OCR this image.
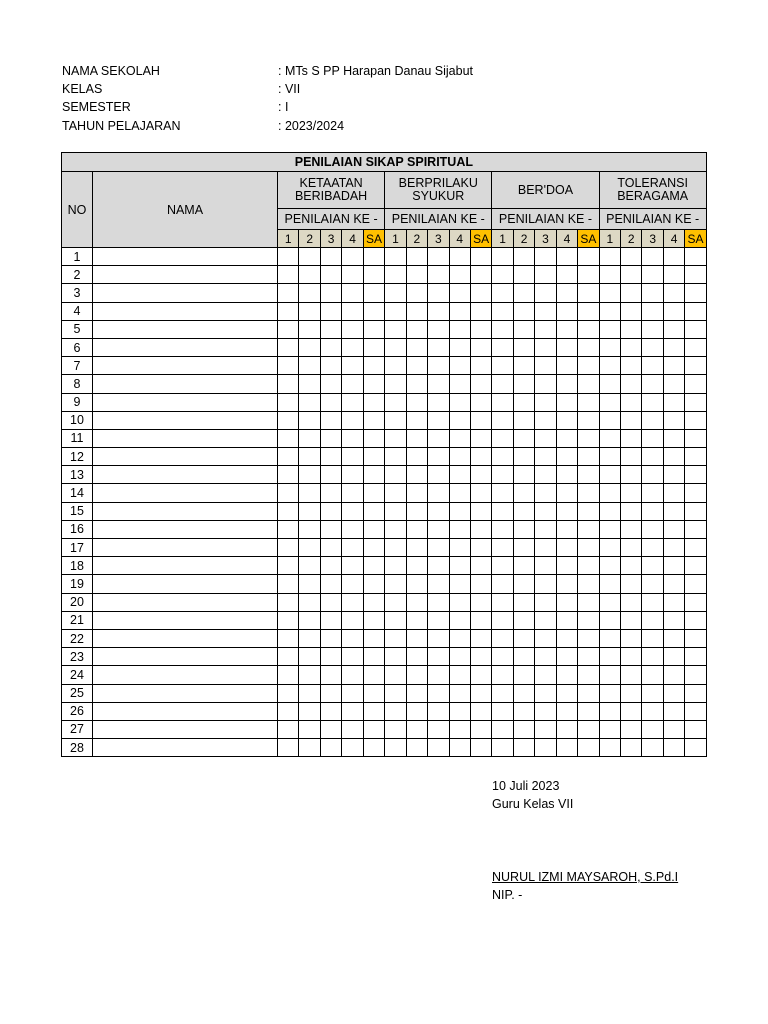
NAMA SEKOLAH	: MTs S PP Harapan Danau Sijabut
KELAS	: VII
SEMESTER	: I
TAHUN PELAJARAN	: 2023/2024
PENILAIAN SIKAP SPIRITUAL																					
NO	NAMA	KETAATAN BERIBADAH					BERPRILAKU SYUKUR					BER'DOA					TOLERANSI BERAGAMA				
		PENILAIAN KE -					PENILAIAN KE -					PENILAIAN KE -					PENILAIAN KE -				
		1	2	3	4	SA	1	2	3	4	SA	1	2	3	4	SA	1	2	3	4	SA
1																					
2																					
3																					
4																					
5																					
6																					
7																					
8																					
9																					
10																					
11																					
12																					
13																					
14																					
15																					
16																					
17																					
18																					
19																					
20																					
21																					
22																					
23																					
24																					
25																					
26																					
27																					
28																					
10 Juli 2023
Guru Kelas VII
NURUL IZMI MAYSAROH, S.Pd.I
NIP. -
